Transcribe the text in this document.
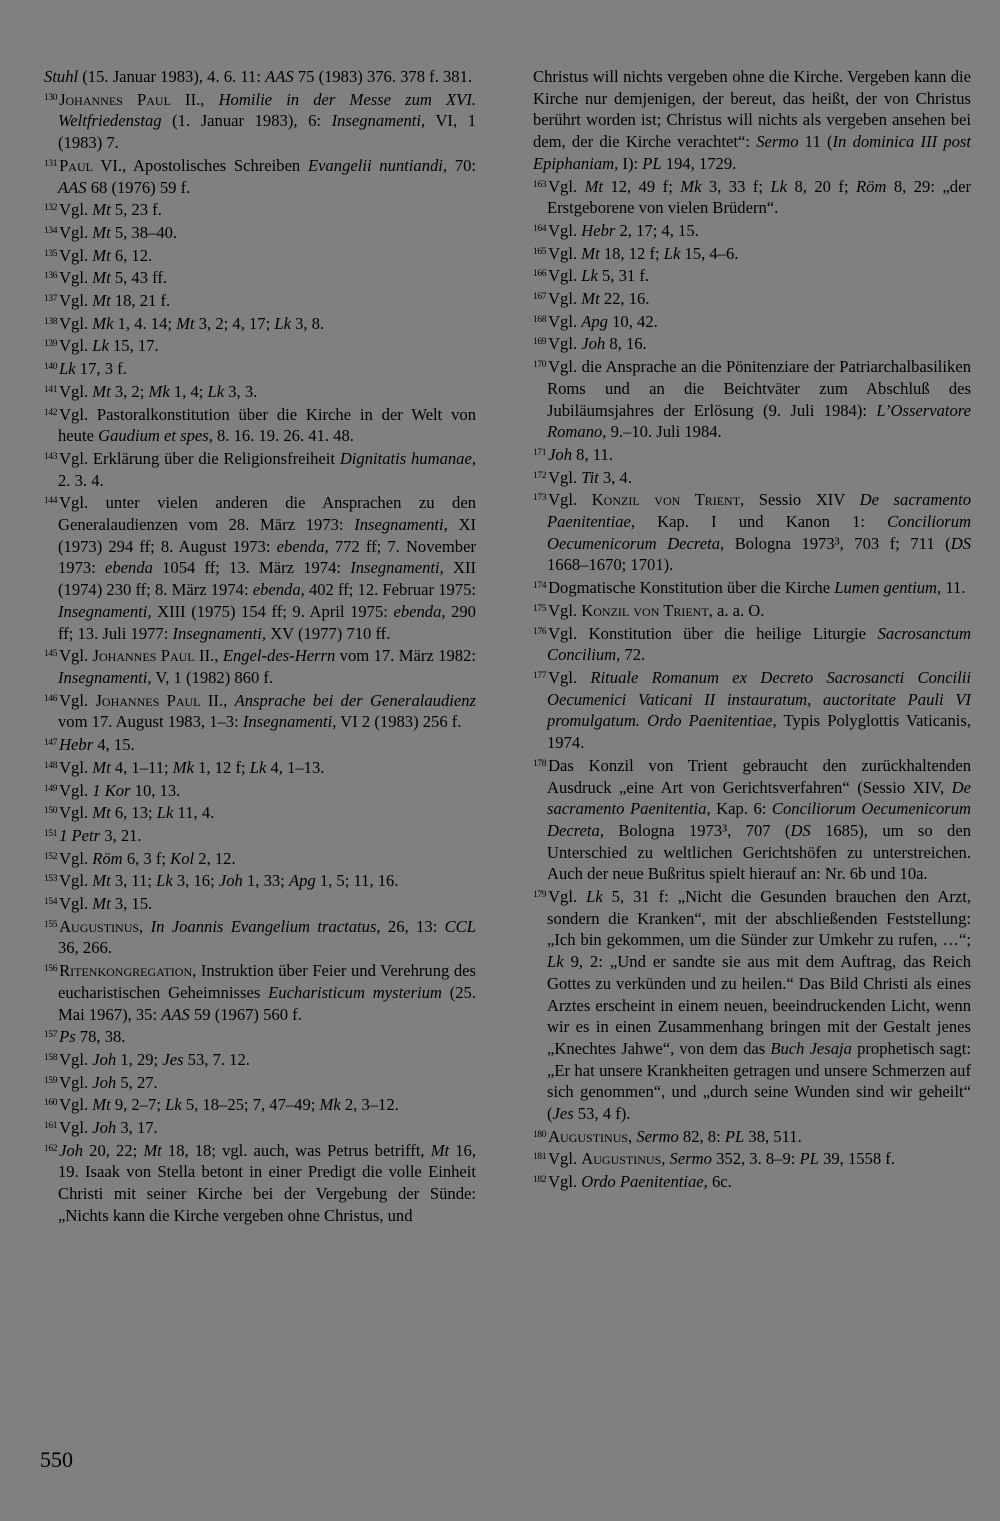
Stuhl (15. Januar 1983), 4. 6. 11: AAS 75 (1983) 376. 378 f. 381.

130 Johannes Paul II., Homilie in der Messe zum XVI. Weltfriedenstag (1. Januar 1983), 6: Insegnamenti, VI, 1 (1983) 7.

131 Paul VI., Apostolisches Schreiben Evangelii nuntiandi, 70: AAS 68 (1976) 59 f.

132 Vgl. Mt 5, 23 f.

134 Vgl. Mt 5, 38–40.

135 Vgl. Mt 6, 12.

136 Vgl. Mt 5, 43 ff.

137 Vgl. Mt 18, 21 f.

138 Vgl. Mk 1, 4. 14; Mt 3, 2; 4, 17; Lk 3, 8.

139 Vgl. Lk 15, 17.

140 Lk 17, 3 f.

141 Vgl. Mt 3, 2; Mk 1, 4; Lk 3, 3.

142 Vgl. Pastoralkonstitution über die Kirche in der Welt von heute Gaudium et spes, 8. 16. 19. 26. 41. 48.

143 Vgl. Erklärung über die Religionsfreiheit Dignitatis humanae, 2. 3. 4.

144 Vgl. unter vielen anderen die Ansprachen zu den Generalaudienzen vom 28. März 1973: Insegnamenti, XI (1973) 294 ff; 8. August 1973: ebenda, 772 ff; 7. November 1973: ebenda 1054 ff; 13. März 1974: Insegnamenti, XII (1974) 230 ff; 8. März 1974: ebenda, 402 ff; 12. Februar 1975: Insegnamenti, XIII (1975) 154 ff; 9. April 1975: ebenda, 290 ff; 13. Juli 1977: Insegnamenti, XV (1977) 710 ff.

145 Vgl. Johannes Paul II., Engel-des-Herrn vom 17. März 1982: Insegnamenti, V, 1 (1982) 860 f.

146 Vgl. Johannes Paul II., Ansprache bei der Generalaudienz vom 17. August 1983, 1–3: Insegnamenti, VI 2 (1983) 256 f.

147 Hebr 4, 15.

148 Vgl. Mt 4, 1–11; Mk 1, 12 f; Lk 4, 1–13.

149 Vgl. 1 Kor 10, 13.

150 Vgl. Mt 6, 13; Lk 11, 4.

151 1 Petr 3, 21.

152 Vgl. Röm 6, 3 f; Kol 2, 12.

153 Vgl. Mt 3, 11; Lk 3, 16; Joh 1, 33; Apg 1, 5; 11, 16.

154 Vgl. Mt 3, 15.

155 Augustinus, In Joannis Evangelium tractatus, 26, 13: CCL 36, 266.

156 Ritenkongregation, Instruktion über Feier und Verehrung des eucharistischen Geheimnisses Eucharisticum mysterium (25. Mai 1967), 35: AAS 59 (1967) 560 f.

157 Ps 78, 38.

158 Vgl. Joh 1, 29; Jes 53, 7. 12.

159 Vgl. Joh 5, 27.

160 Vgl. Mt 9, 2–7; Lk 5, 18–25; 7, 47–49; Mk 2, 3–12.

161 Vgl. Joh 3, 17.

162 Joh 20, 22; Mt 18, 18; vgl. auch, was Petrus betrifft, Mt 16, 19. Isaak von Stella betont in einer Predigt die volle Einheit Christi mit seiner Kirche bei der Vergebung der Sünde: „Nichts kann die Kirche vergeben ohne Christus, und

Christus will nichts vergeben ohne die Kirche. Vergeben kann die Kirche nur demjenigen, der bereut, das heißt, der von Christus berührt worden ist; Christus will nichts als vergeben ansehen bei dem, der die Kirche verachtet“: Sermo 11 (In dominica III post Epiphaniam, I): PL 194, 1729.

163 Vgl. Mt 12, 49 f; Mk 3, 33 f; Lk 8, 20 f; Röm 8, 29: „der Erstgeborene von vielen Brüdern“.

164 Vgl. Hebr 2, 17; 4, 15.

165 Vgl. Mt 18, 12 f; Lk 15, 4–6.

166 Vgl. Lk 5, 31 f.

167 Vgl. Mt 22, 16.

168 Vgl. Apg 10, 42.

169 Vgl. Joh 8, 16.

170 Vgl. die Ansprache an die Pönitenziare der Patriarchalbasiliken Roms und an die Beichtväter zum Abschluß des Jubiläumsjahres der Erlösung (9. Juli 1984): L’Osservatore Romano, 9.–10. Juli 1984.

171 Joh 8, 11.

172 Vgl. Tit 3, 4.

173 Vgl. Konzil von Trient, Sessio XIV De sacramento Paenitentiae, Kap. I und Kanon 1: Conciliorum Oecumenicorum Decreta, Bologna 1973³, 703 f; 711 (DS 1668–1670; 1701).

174 Dogmatische Konstitution über die Kirche Lumen gentium, 11.

175 Vgl. Konzil von Trient, a. a. O.

176 Vgl. Konstitution über die heilige Liturgie Sacrosanctum Concilium, 72.

177 Vgl. Rituale Romanum ex Decreto Sacrosancti Concilii Oecumenici Vaticani II instauratum, auctoritate Pauli VI promulgatum. Ordo Paenitentiae, Typis Polyglottis Vaticanis, 1974.

178 Das Konzil von Trient gebraucht den zurückhaltenden Ausdruck „eine Art von Gerichtsverfahren“ (Sessio XIV, De sacramento Paenitentia, Kap. 6: Conciliorum Oecumenicorum Decreta, Bologna 1973³, 707 (DS 1685), um so den Unterschied zu weltlichen Gerichtshöfen zu unterstreichen. Auch der neue Bußritus spielt hierauf an: Nr. 6b und 10a.

179 Vgl. Lk 5, 31 f: „Nicht die Gesunden brauchen den Arzt, sondern die Kranken“, mit der abschließenden Feststellung: „Ich bin gekommen, um die Sünder zur Umkehr zu rufen, …“; Lk 9, 2: „Und er sandte sie aus mit dem Auftrag, das Reich Gottes zu verkünden und zu heilen.“ Das Bild Christi als eines Arztes erscheint in einem neuen, beeindruckenden Licht, wenn wir es in einen Zusammenhang bringen mit der Gestalt jenes „Knechtes Jahwe“, von dem das Buch Jesaja prophetisch sagt: „Er hat unsere Krankheiten getragen und unsere Schmerzen auf sich genommen“, und „durch seine Wunden sind wir geheilt“ (Jes 53, 4 f).

180 Augustinus, Sermo 82, 8: PL 38, 511.

181 Vgl. Augustinus, Sermo 352, 3. 8–9: PL 39, 1558 f.

182 Vgl. Ordo Paenitentiae, 6c.

550
